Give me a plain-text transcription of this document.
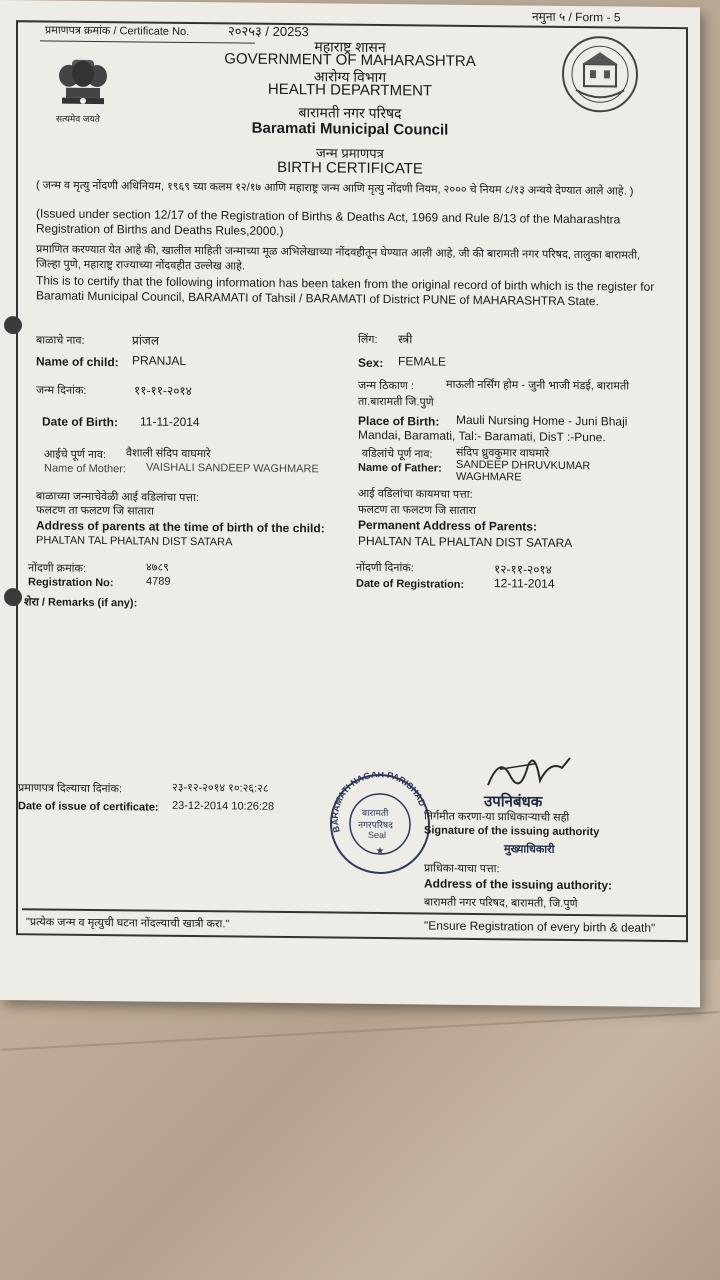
प्रमाणपत्र क्रमांक / Certificate No.	२०२५३ / 20253
नमुना ५ / Form - 5
सत्यमेव जयते
महाराष्ट्र शासन
GOVERNMENT OF MAHARASHTRA
आरोग्य विभाग
HEALTH DEPARTMENT
बारामती नगर परिषद
Baramati Municipal Council
जन्म प्रमाणपत्र
BIRTH CERTIFICATE
( जन्म व मृत्यु नोंदणी अधिनियम, १९६९ च्या कलम १२/१७ आणि महाराष्ट्र जन्म आणि मृत्यु नोंदणी नियम, २००० चे नियम ८/१३ अन्वये देण्यात आले आहे. )
(Issued under section 12/17 of the Registration of Births & Deaths Act, 1969 and Rule 8/13 of the Maharashtra Registration of Births and Deaths Rules,2000.)
प्रमाणित करण्यात येत आहे की, खालील माहिती जन्माच्या मूळ अभिलेखाच्या नोंदवहीतून घेण्यात आली आहे, जी की बारामती नगर परिषद, तालुका बारामती, जिल्हा पुणे, महाराष्ट्र राज्याच्या नोंदवहीत उल्लेख आहे.
This is to certify that the following information has been taken from the original record of birth which is the register for Baramati Municipal Council, BARAMATI of Tahsil / BARAMATI of District PUNE of MAHARASHTRA State.
बाळाचे नाव:	प्रांजल
Name of child: PRANJAL
लिंग: स्त्री
Sex: FEMALE
जन्म दिनांक:	११-११-२०१४
Date of Birth: 11-11-2014
जन्म ठिकाण :	माऊली नर्सिंग होम - जुनी भाजी मंडई, बारामती
ता.बारामती जि.पुणे
Place of Birth: Mauli Nursing Home - Juni Bhaji
Mandai, Baramati, Tal:- Baramati, DisT :-Pune.
आईचे पूर्ण नाव: वैशाली संदिप वाघमारे
Name of Mother: VAISHALI SANDEEP WAGHMARE
वडिलांचे पूर्ण नाव: संदिप ध्रुवकुमार वाघमारे
Name of Father: SANDEEP DHRUVKUMAR
WAGHMARE
बाळाच्या जन्माचेवेळी आई वडिलांचा पत्ता:
फलटण ता फलटण जि सातारा
Address of parents at the time of birth of the child:
PHALTAN TAL PHALTAN DIST SATARA
आई वडिलांचा कायमचा पत्ता:
फलटण ता फलटण जि सातारा
Permanent Address of Parents:
PHALTAN TAL PHALTAN DIST SATARA
नोंदणी क्रमांक:	४७८९
Registration No:	4789
नोंदणी दिनांक:	१२-११-२०१४
Date of Registration: 12-11-2014
शेरा / Remarks (if any):
प्रमाणपत्र दिल्याचा दिनांक:	२३-१२-२०१४ १०:२६:२८
Date of issue of certificate: 23-12-2014 10:26:28
BARAMATI NAGAR PARISHAD
★
बारामती
नगरपरिषद
Seal
उपनिबंधक
निर्गमीत करणा-या प्राधिकार्‍याची सही
Signature of the issuing authority
मुख्याधिकारी
प्राधिका-याचा पत्ता:
Address of the issuing authority:
बारामती नगर परिषद, बारामती, जि.पुणे
"प्रत्येक जन्म व मृत्युची घटना नोंदल्याची खात्री करा."	"Ensure Registration of every birth & death"
